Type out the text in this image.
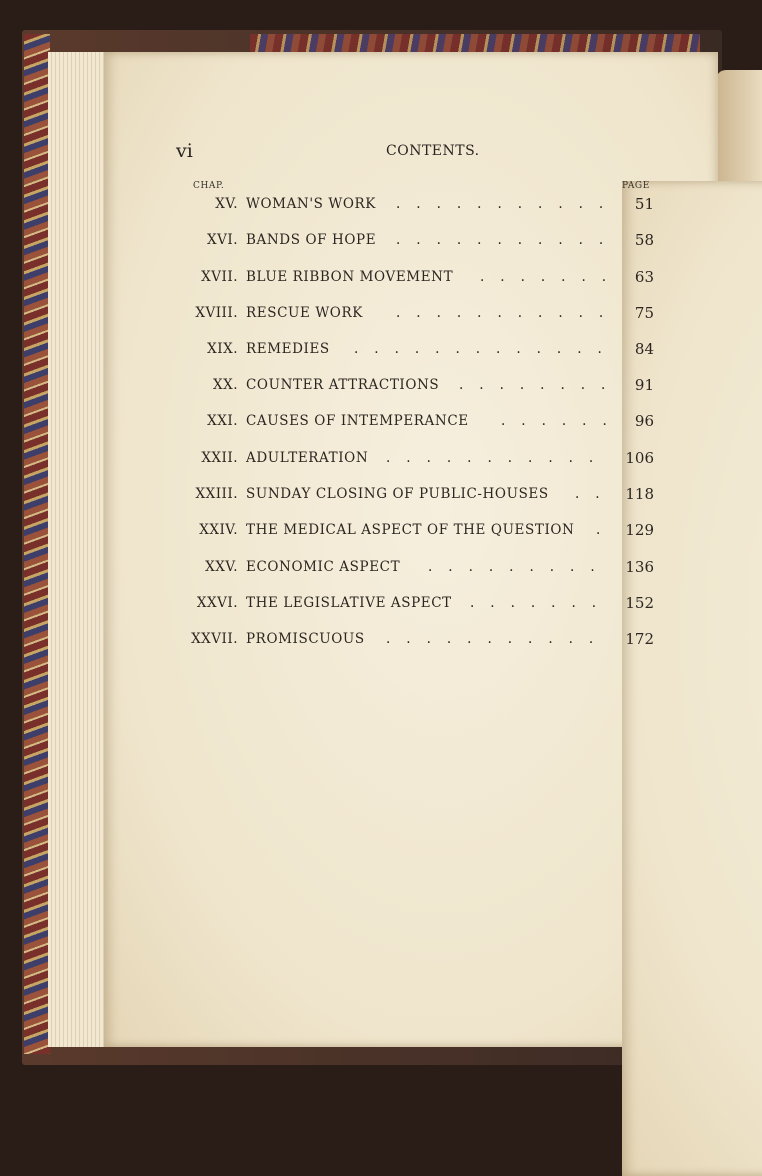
vi	CONTENTS.
CHAP.	PAGE
XV. WOMAN'S WORK ........... 51
XVI. BANDS OF HOPE ........... 58
XVII. BLUE RIBBON MOVEMENT ....... 63
XVIII. RESCUE WORK ........... 75
XIX. REMEDIES ............. 84
XX. COUNTER ATTRACTIONS ........ 91
XXI. CAUSES OF INTEMPERANCE ...... 96
XXII. ADULTERATION ........... 106
XXIII. SUNDAY CLOSING OF PUBLIC-HOUSES .. 118
XXIV. THE MEDICAL ASPECT OF THE QUESTION . 129
XXV. ECONOMIC ASPECT ......... 136
XXVI. THE LEGISLATIVE ASPECT ....... 152
XXVII. PROMISCUOUS ........... 172
